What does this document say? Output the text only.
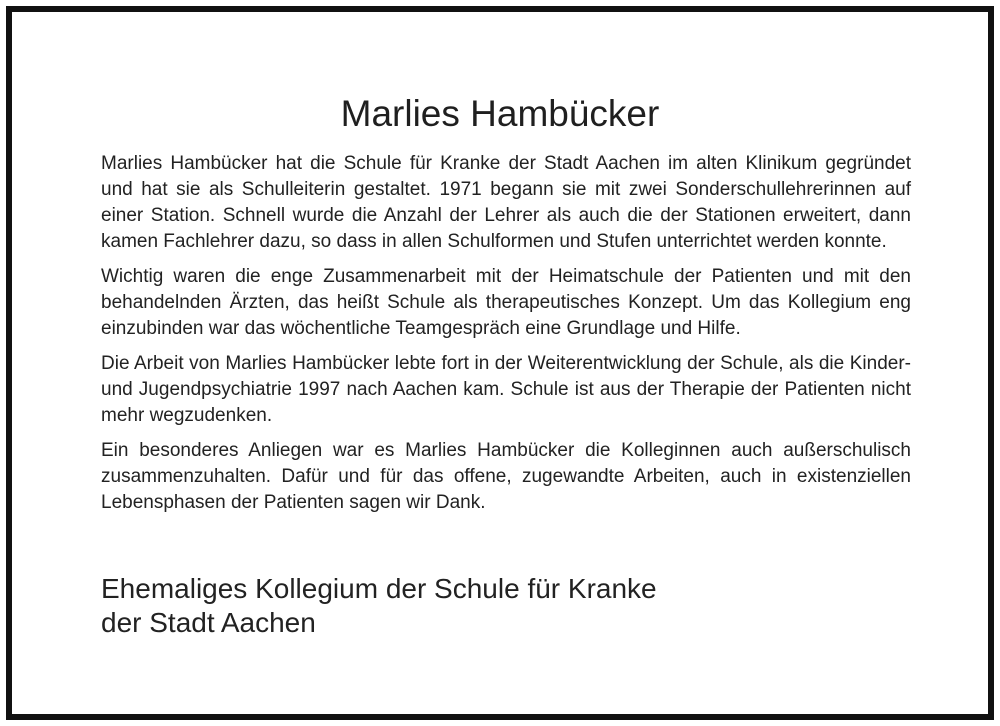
Marlies Hambücker

Marlies Hambücker hat die Schule für Kranke der Stadt Aachen im alten Klinikum gegründet und hat sie als Schulleiterin gestaltet. 1971 begann sie mit zwei Sonderschullehrerinnen auf einer Station. Schnell wurde die Anzahl der Lehrer als auch die der Stationen erweitert, dann kamen Fachlehrer dazu, so dass in allen Schulformen und Stufen unterrichtet werden konnte.

Wichtig waren die enge Zusammenarbeit mit der Heimatschule der Patienten und mit den behandelnden Ärzten, das heißt Schule als therapeutisches Konzept. Um das Kollegium eng einzubinden war das wöchentliche Teamgespräch eine Grundlage und Hilfe.

Die Arbeit von Marlies Hambücker lebte fort in der Weiterentwicklung der Schule, als die Kinder- und Jugendpsychiatrie 1997 nach Aachen kam. Schule ist aus der Therapie der Patienten nicht mehr wegzudenken.

Ein besonderes Anliegen war es Marlies Hambücker die Kolleginnen auch außerschulisch zusammenzuhalten. Dafür und für das offene, zugewandte Arbeiten, auch in existenziellen Lebensphasen der Patienten sagen wir Dank.

Ehemaliges Kollegium der Schule für Kranke
der Stadt Aachen
